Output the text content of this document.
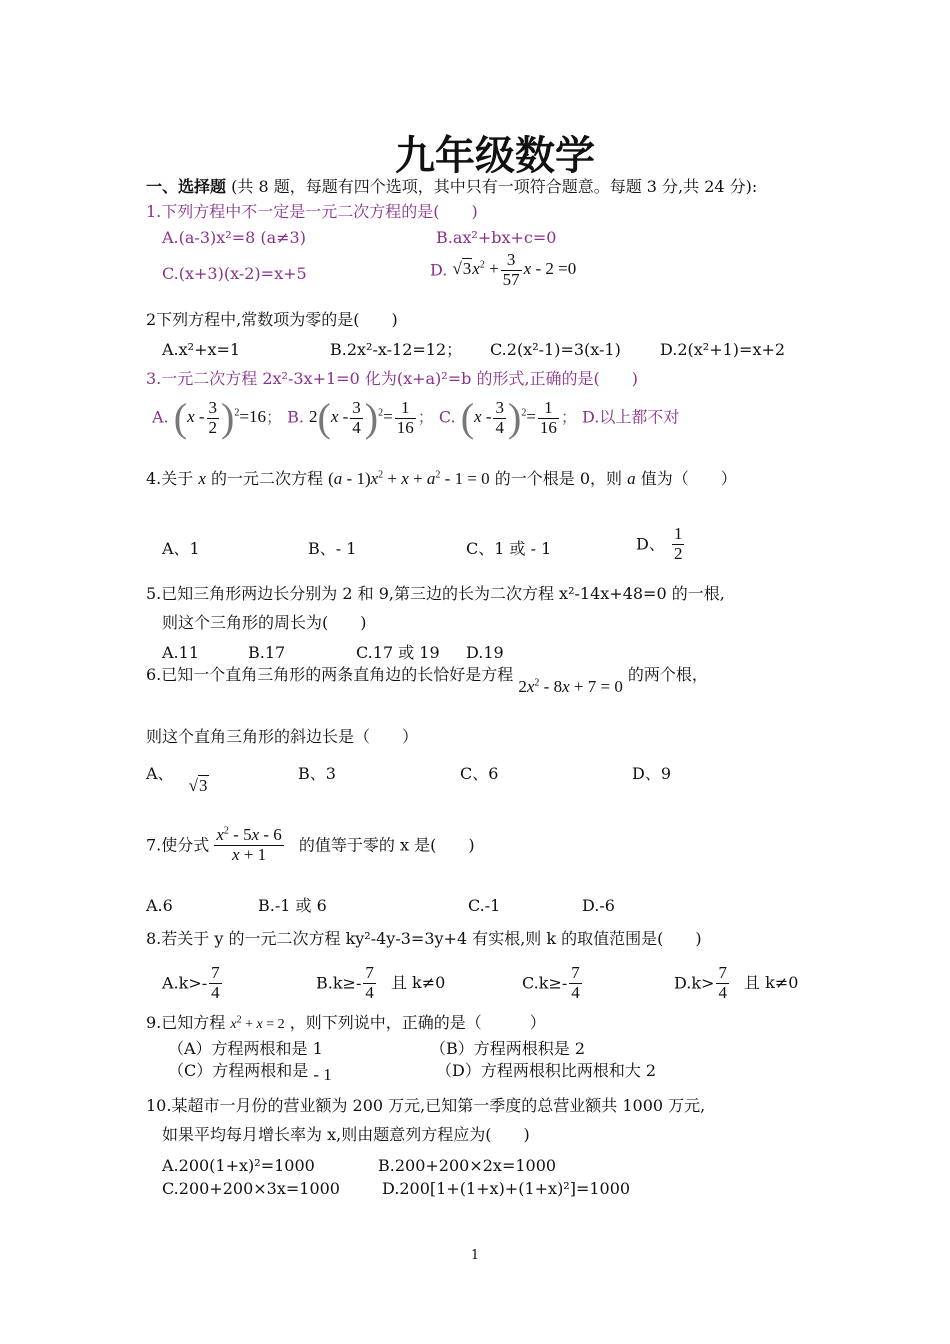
九年级数学
一、选择题 (共 8 题，每题有四个选项，其中只有一项符合题意。每题 3 分,共 24 分):
1.下列方程中不一定是一元二次方程的是(　　)
A.(a-3)x²=8 (a≠3)	B.ax²+bx+c=0
C.(x+3)(x-2)=x+5	D. $√3x^2 + \frac{3}{57}$ x - 2 =0
2下列方程中,常数项为零的是(　　)
A.x²+x=1	B.2x²-x-12=12； C.2(x²-1)=3(x-1) D.2(x²+1)=x+2
3.一元二次方程 2x²-3x+1=0 化为(x+a)²=b 的形式,正确的是(　　)
A. $(x - \frac{3}{2} )^2=16$； B. $2(x - \frac{3}{4} )^2= \frac{1}{16}$ ； C. $(x - \frac{3}{4} )^2= \frac{1}{16}$ ； D.以上都不对
4.关于 x 的一元二次方程 $(a - 1)x^2 + x + a^2 - 1 = 0$ 的一个根是 0，则 a 值为（　　）
A、1	B、- 1	C、1 或 - 1	D、 $\frac{1}{2}$
5.已知三角形两边长分别为 2 和 9,第三边的长为二次方程 x²-14x+48=0 的一根,
则这个三角形的周长为(　　)
A.11	B.17	C.17 或 19 D.19
6.已知一个直角三角形的两条直角边的长恰好是方程 $2x^2 - 8x + 7 = 0$ 的两个根，
则这个直角三角形的斜边长是（　　）
A、 √3
B、3	C、6	D、9
7.使分式 $\frac{x^2 - 5x - 6}{x + 1}$ 的值等于零的 x 是(　　)
A.6	B.-1 或 6	C.-1	D.-6
8.若关于 y 的一元二次方程 ky²-4y-3=3y+4 有实根,则 k 的取值范围是(　　)
$A.k>- \frac{7}{4}$	$B.k\ge- \frac{7}{4}$ 且 k≠0	$C.k\ge- \frac{7}{4}$	$D.k> \frac{7}{4}$ 且 k≠0
9.已知方程 $x^2 + x = 2$ ，则下列说中，正确的是（　　　）
（A）方程两根和是 1	（B）方程两根积是 2
（C）方程两根和是 - 1	（D）方程两根积比两根和大 2
10.某超市一月份的营业额为 200 万元,已知第一季度的总营业额共 1000 万元,
如果平均每月增长率为 x,则由题意列方程应为(　　)
A.200(1+x)²=1000	B.200+200×2x=1000
C.200+200×3x=1000	D.200[1+(1+x)+(1+x)²]=1000
1
